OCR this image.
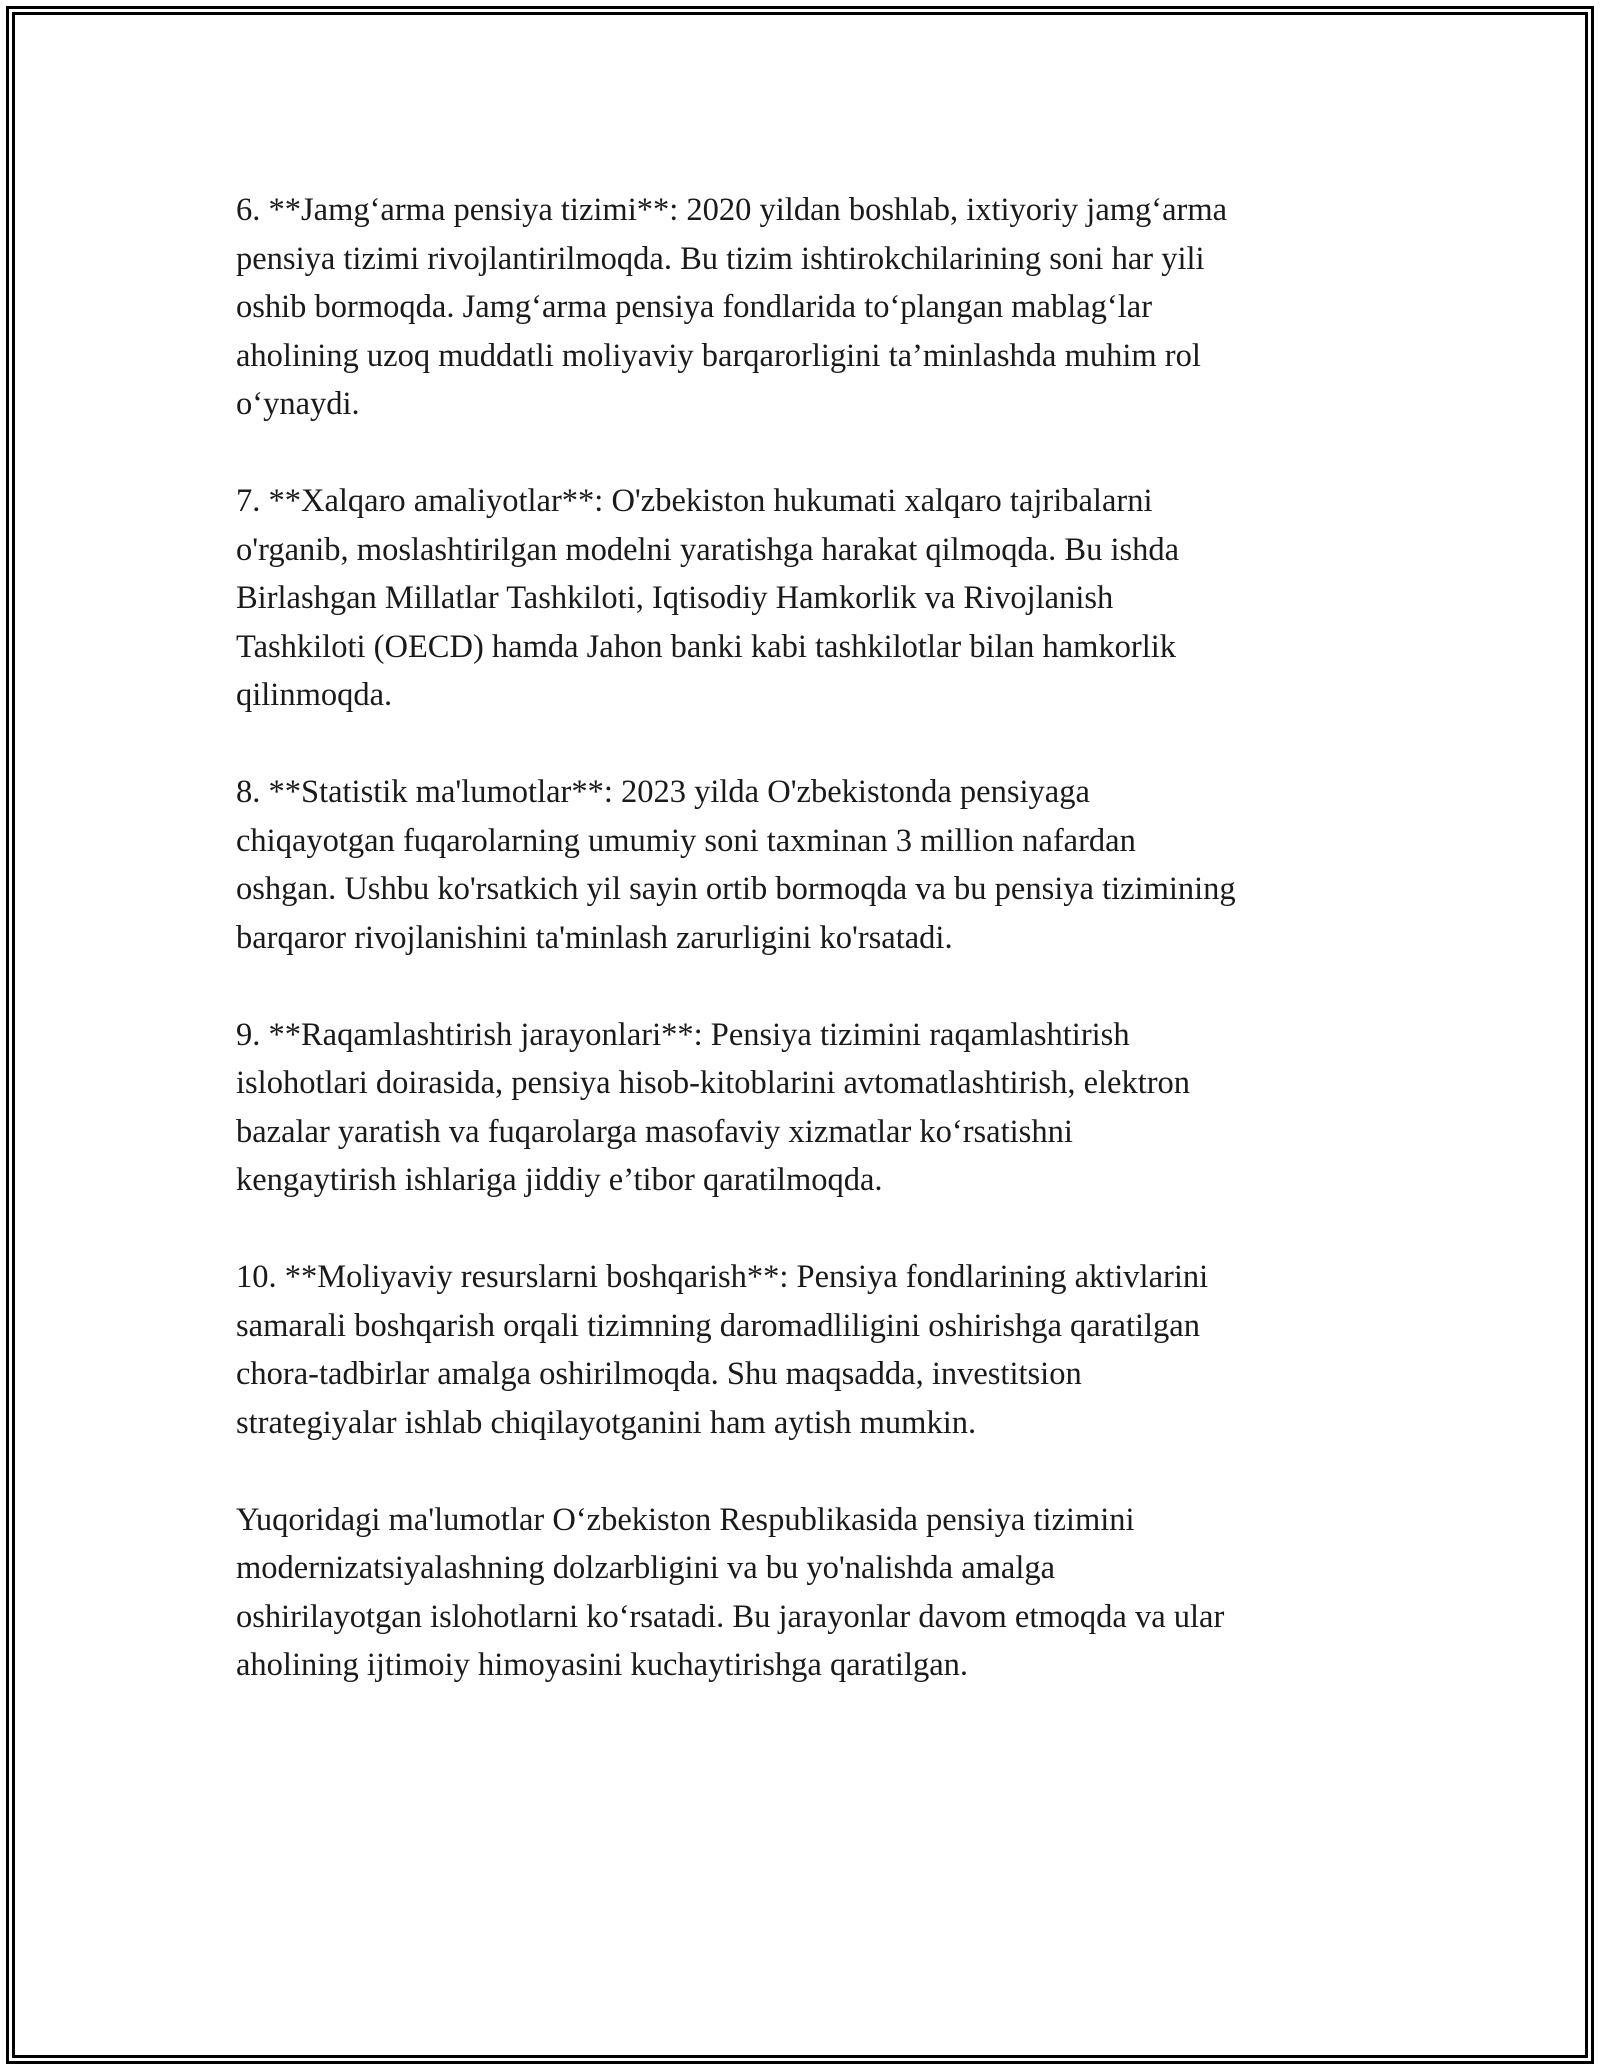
6. **Jamg‘arma pensiya tizimi**: 2020 yildan boshlab, ixtiyoriy jamg‘arma
pensiya tizimi rivojlantirilmoqda. Bu tizim ishtirokchilarining soni har yili
oshib bormoqda. Jamg‘arma pensiya fondlarida to‘plangan mablag‘lar
aholining uzoq muddatli moliyaviy barqarorligini ta’minlashda muhim rol
o‘ynaydi.

7. **Xalqaro amaliyotlar**: O'zbekiston hukumati xalqaro tajribalarni
o'rganib, moslashtirilgan modelni yaratishga harakat qilmoqda. Bu ishda
Birlashgan Millatlar Tashkiloti, Iqtisodiy Hamkorlik va Rivojlanish
Tashkiloti (OECD) hamda Jahon banki kabi tashkilotlar bilan hamkorlik
qilinmoqda.

8. **Statistik ma'lumotlar**: 2023 yilda O'zbekistonda pensiyaga
chiqayotgan fuqarolarning umumiy soni taxminan 3 million nafardan
oshgan. Ushbu ko'rsatkich yil sayin ortib bormoqda va bu pensiya tizimining
barqaror rivojlanishini ta'minlash zarurligini ko'rsatadi.

9. **Raqamlashtirish jarayonlari**: Pensiya tizimini raqamlashtirish
islohotlari doirasida, pensiya hisob-kitoblarini avtomatlashtirish, elektron
bazalar yaratish va fuqarolarga masofaviy xizmatlar ko‘rsatishni
kengaytirish ishlariga jiddiy e’tibor qaratilmoqda.

10. **Moliyaviy resurslarni boshqarish**: Pensiya fondlarining aktivlarini
samarali boshqarish orqali tizimning daromadliligini oshirishga qaratilgan
chora-tadbirlar amalga oshirilmoqda. Shu maqsadda, investitsion
strategiyalar ishlab chiqilayotganini ham aytish mumkin.

Yuqoridagi ma'lumotlar O‘zbekiston Respublikasida pensiya tizimini
modernizatsiyalashning dolzarbligini va bu yo'nalishda amalga
oshirilayotgan islohotlarni ko‘rsatadi. Bu jarayonlar davom etmoqda va ular
aholining ijtimoiy himoyasini kuchaytirishga qaratilgan.
